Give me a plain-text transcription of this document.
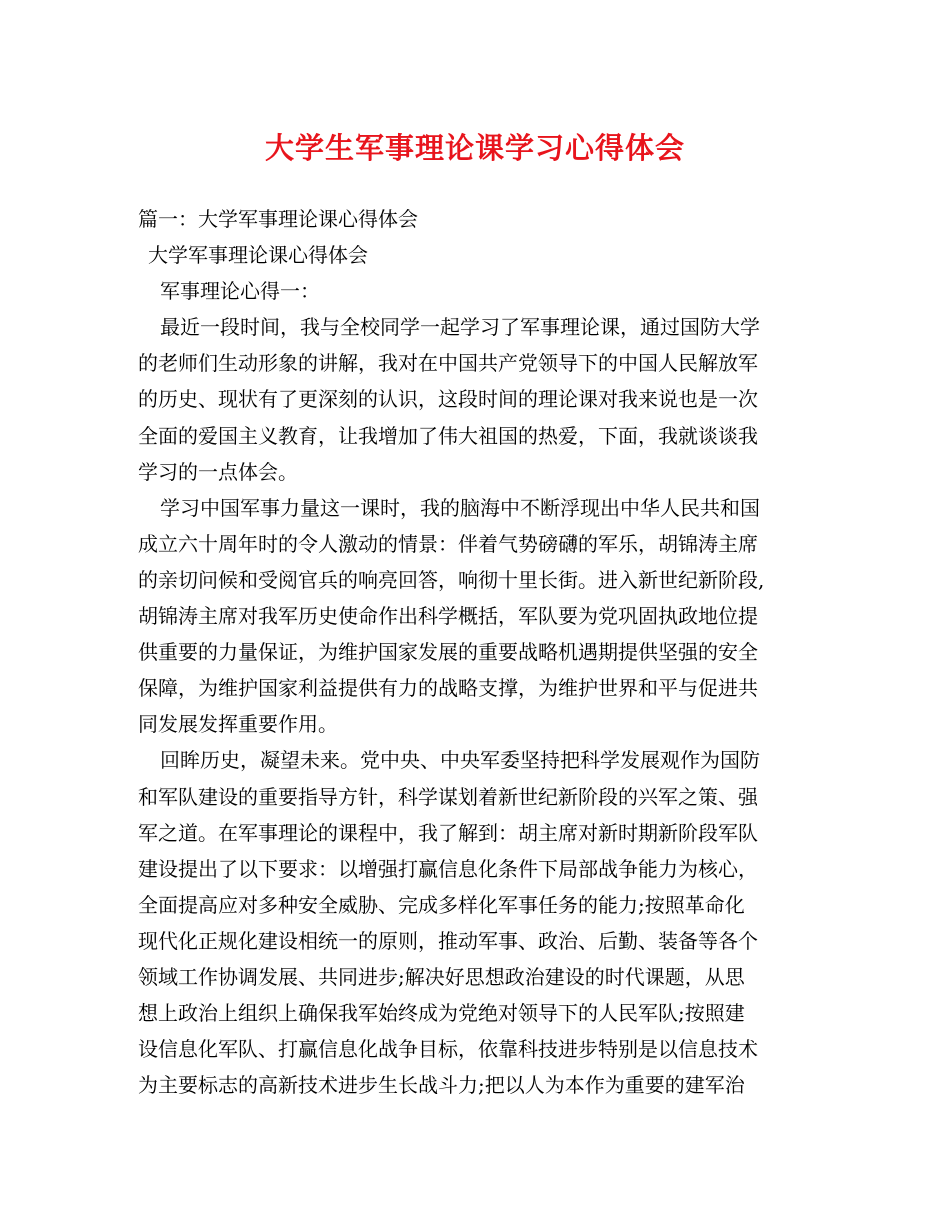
大学生军事理论课学习心得体会
篇一：大学军事理论课心得体会
大学军事理论课心得体会
军事理论心得一：
最近一段时间，我与全校同学一起学习了军事理论课，通过国防大学
的老师们生动形象的讲解，我对在中国共产党领导下的中国人民解放军
的历史、现状有了更深刻的认识，这段时间的理论课对我来说也是一次
全面的爱国主义教育，让我增加了伟大祖国的热爱，下面，我就谈谈我
学习的一点体会。
学习中国军事力量这一课时，我的脑海中不断浮现出中华人民共和国
成立六十周年时的令人激动的情景：伴着气势磅礴的军乐，胡锦涛主席
的亲切问候和受阅官兵的响亮回答，响彻十里长街。进入新世纪新阶段,
胡锦涛主席对我军历史使命作出科学概括，军队要为党巩固执政地位提
供重要的力量保证，为维护国家发展的重要战略机遇期提供坚强的安全
保障，为维护国家利益提供有力的战略支撑，为维护世界和平与促进共
同发展发挥重要作用。
回眸历史，凝望未来。党中央、中央军委坚持把科学发展观作为国防
和军队建设的重要指导方针，科学谋划着新世纪新阶段的兴军之策、强
军之道。在军事理论的课程中，我了解到：胡主席对新时期新阶段军队
建设提出了以下要求：以增强打赢信息化条件下局部战争能力为核心，
全面提高应对多种安全威胁、完成多样化军事任务的能力;按照革命化
现代化正规化建设相统一的原则，推动军事、政治、后勤、装备等各个
领域工作协调发展、共同进步;解决好思想政治建设的时代课题，从思
想上政治上组织上确保我军始终成为党绝对领导下的人民军队;按照建
设信息化军队、打赢信息化战争目标，依靠科技进步特别是以信息技术
为主要标志的高新技术进步生长战斗力;把以人为本作为重要的建军治
